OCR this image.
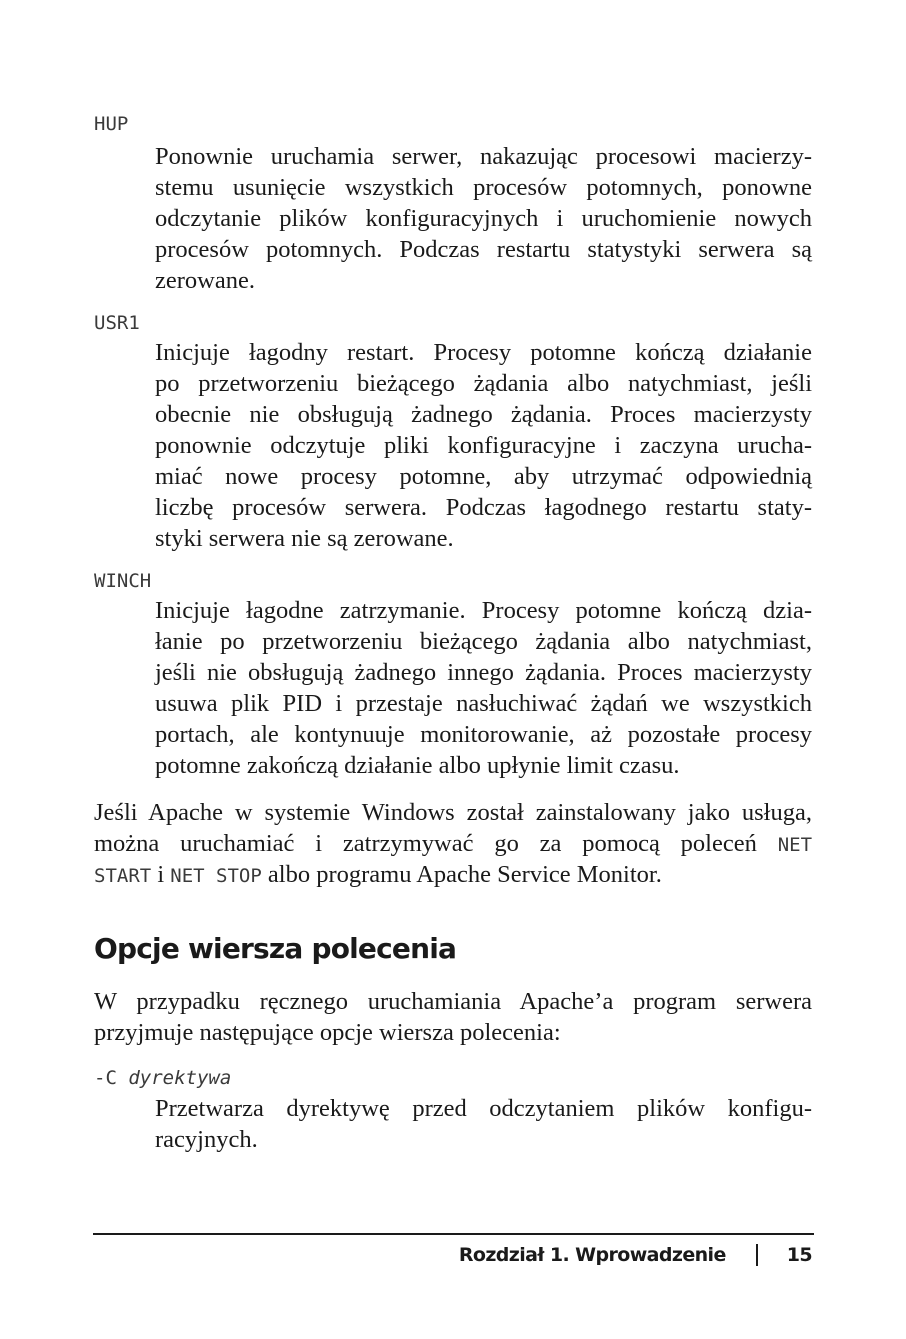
HUP

Ponownie uruchamia serwer, nakazując procesowi macierzy-
stemu usunięcie wszystkich procesów potomnych, ponowne
odczytanie plików konfiguracyjnych i uruchomienie nowych
procesów potomnych. Podczas restartu statystyki serwera są
zerowane.

USR1

Inicjuje łagodny restart. Procesy potomne kończą działanie
po przetworzeniu bieżącego żądania albo natychmiast, jeśli
obecnie nie obsługują żadnego żądania. Proces macierzysty
ponownie odczytuje pliki konfiguracyjne i zaczyna urucha-
miać nowe procesy potomne, aby utrzymać odpowiednią
liczbę procesów serwera. Podczas łagodnego restartu staty-
styki serwera nie są zerowane.

WINCH

Inicjuje łagodne zatrzymanie. Procesy potomne kończą dzia-
łanie po przetworzeniu bieżącego żądania albo natychmiast,
jeśli nie obsługują żadnego innego żądania. Proces macierzysty
usuwa plik PID i przestaje nasłuchiwać żądań we wszystkich
portach, ale kontynuuje monitorowanie, aż pozostałe procesy
potomne zakończą działanie albo upłynie limit czasu.
Jeśli Apache w systemie Windows został zainstalowany jako usługa,
można uruchamiać i zatrzymywać go za pomocą poleceń NET
START i NET STOP albo programu Apache Service Monitor.
Opcje wiersza polecenia
W przypadku ręcznego uruchamiania Apache’a program serwera
przyjmuje następujące opcje wiersza polecenia:

-C dyrektywa

Przetwarza dyrektywę przed odczytaniem plików konfigu-
racyjnych.
Rozdział 1. Wprowadzenie	15
